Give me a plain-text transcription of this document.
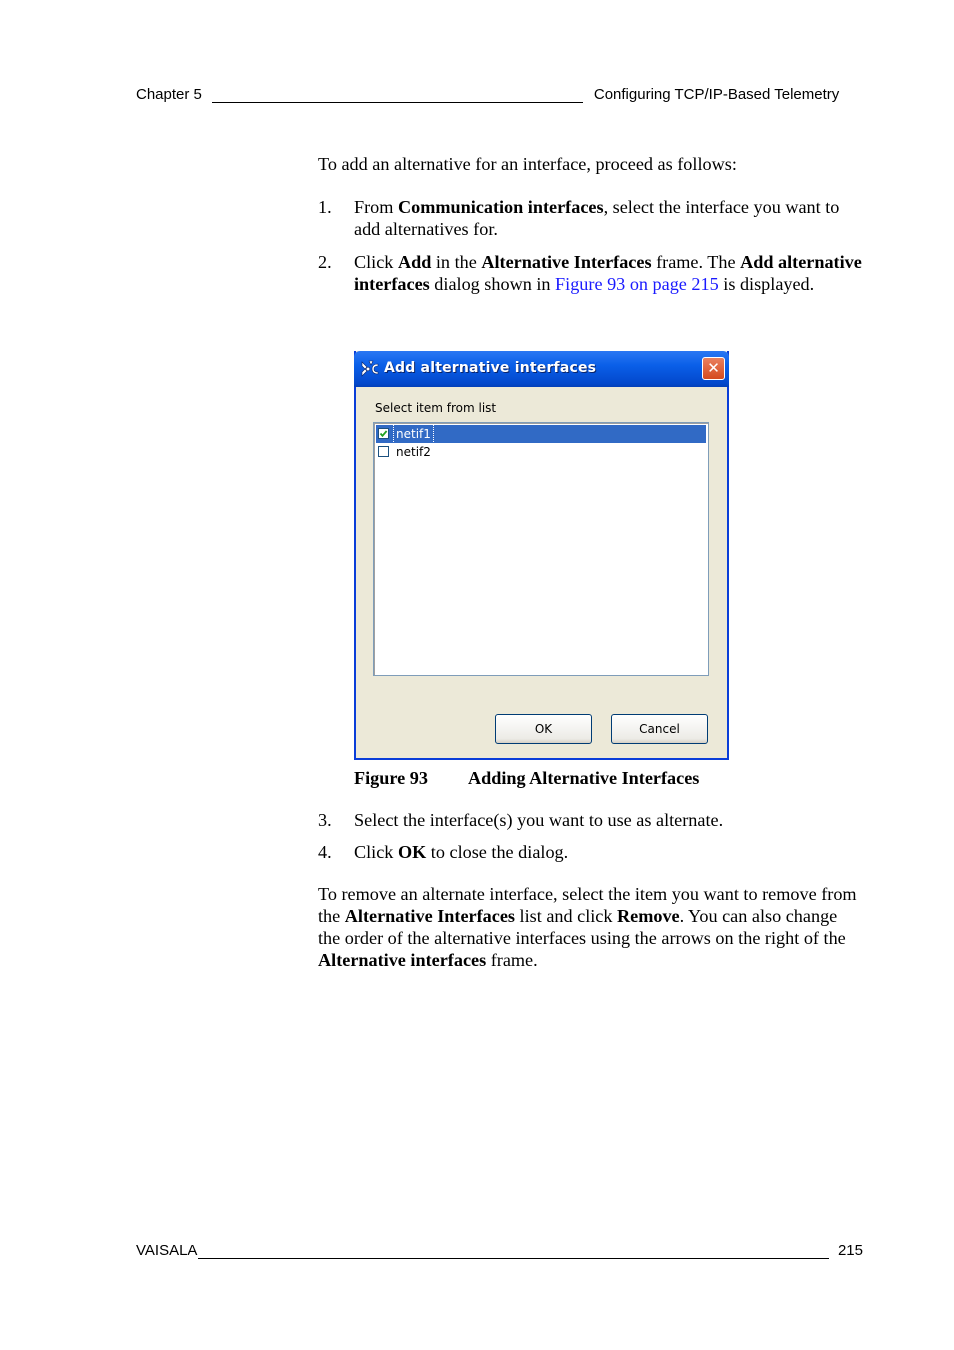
Chapter 5	Configuring TCP/IP-Based Telemetry
To add an alternative for an interface, proceed as follows:
1. From Communication interfaces, select the interface you want to add alternatives for.
2. Click Add in the Alternative Interfaces frame. The Add alternative interfaces dialog shown in Figure 93 on page 215 is displayed.
3. Select the interface(s) you want to use as alternate.
4. Click OK to close the dialog.
To remove an alternate interface, select the item you want to remove from the Alternative Interfaces list and click Remove. You can also change the order of the alternative interfaces using the arrows on the right of the Alternative interfaces frame.
Add alternative interfaces	✕
Select item from list
netif1
netif2
OK	Cancel
Figure 93 Adding Alternative Interfaces
VAISALA	215
